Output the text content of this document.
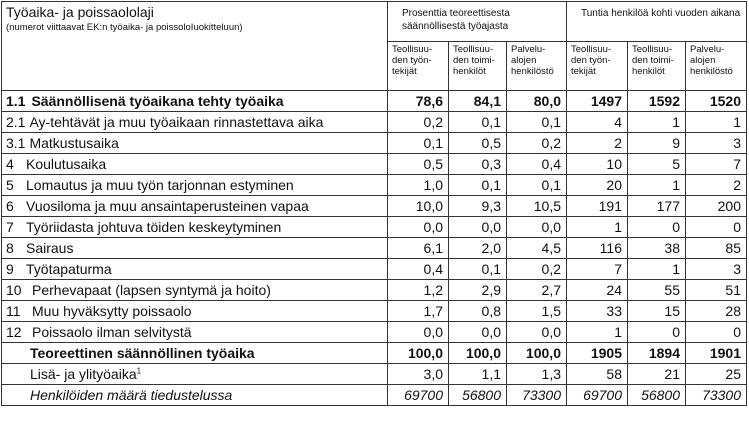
Työaika- ja poissaololaji
(numerot viittaavat EK:n työaika- ja poissoloIuokitteluun)	Prosenttia teoreettisesta säännöllisestä työajasta			Tuntia henkilöä kohti vuoden aikana		

	Teollisuu-
den työn-
tekijät	Teollisuu-
den toimi-
henkilöt	Palvelu-
alojen
henkilöstö	Teollisuu-
den työn-
tekijät	Teollisuu-
den toimi-
henkilöt	Palvelu-
alojen
henkilöstö

1.1 Säännöllisenä työaikana tehty työaika	78,6	84,1	80,0	1497	1592	1520
2.1 Ay-tehtävät ja muu työaikaan rinnastettava aika	0,2	0,1	0,1	4	1	1
3.1 Matkustusaika	0,1	0,5	0,2	2	9	3
4 Koulutusaika	0,5	0,3	0,4	10	5	7
5 Lomautus ja muu työn tarjonnan estyminen	1,0	0,1	0,1	20	1	2
6 Vuosiloma ja muu ansaintaperusteinen vapaa	10,0	9,3	10,5	191	177	200
7 Työriidasta johtuva töiden keskeytyminen	0,0	0,0	0,0	1	0	0
8 Sairaus	6,1	2,0	4,5	116	38	85
9 Työtapaturma	0,4	0,1	0,2	7	1	3
10 Perhevapaat (lapsen syntymä ja hoito)	1,2	2,9	2,7	24	55	51
11 Muu hyväksytty poissaolo	1,7	0,8	1,5	33	15	28
12 Poissaolo ilman selvitystä	0,0	0,0	0,0	1	0	0
Teoreettinen säännöllinen työaika	100,0	100,0	100,0	1905	1894	1901
Lisä- ja ylityöaika$^1$	3,0	1,1	1,3	58	21	25
Henkilöiden määrä tiedustelussa	69700	56800	73300	69700	56800	73300
